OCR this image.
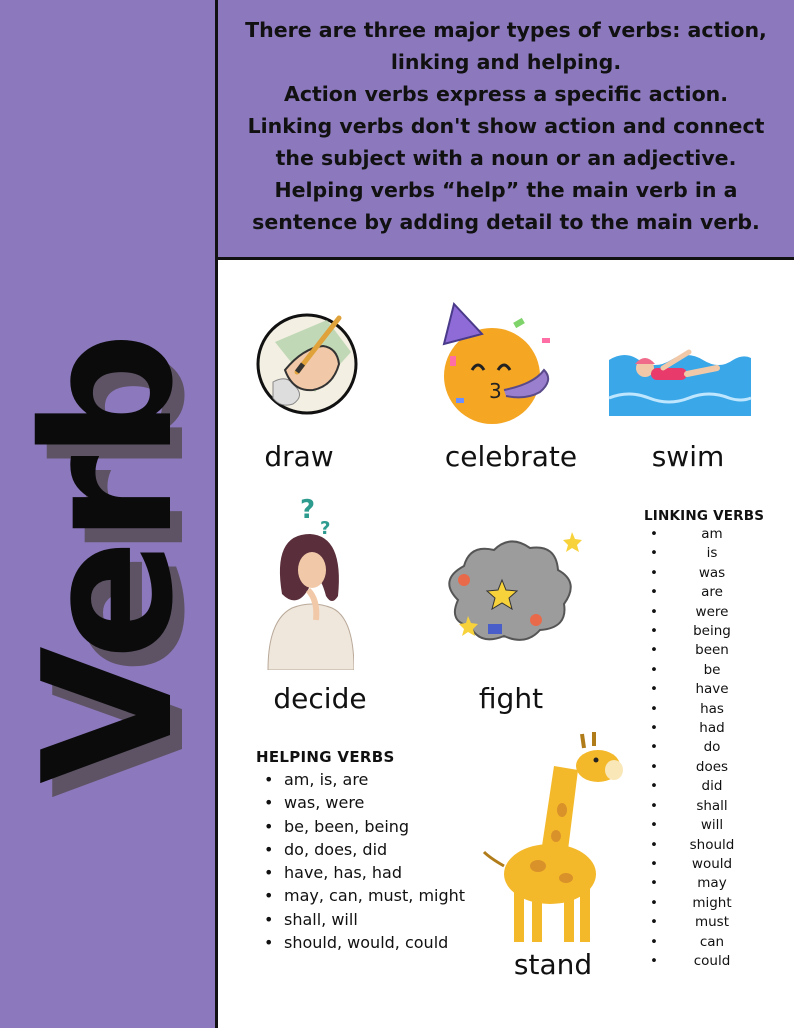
Verb

There are three major types of verbs: action,

linking and helping.

Action verbs express a specific action.

Linking verbs don't show action and connect

the subject with a noun or an adjective.

Helping verbs “help” the main verb in a

sentence by adding detail to the main verb.

draw
3
celebrate	swim
?
?
decide	fight
stand
HELPING VERBS
• am, is, are
• was, were
• be, been, being
• do, does, did
• have, has, had
• may, can, must, might
• shall, will
• should, would, could
LINKING VERBS
• am
• is
• was
• are
• were
• being
• been
• be
• have
• has
• had
• do
• does
• did
• shall
• will
• should
• would
• may
• might
• must
• can
• could
